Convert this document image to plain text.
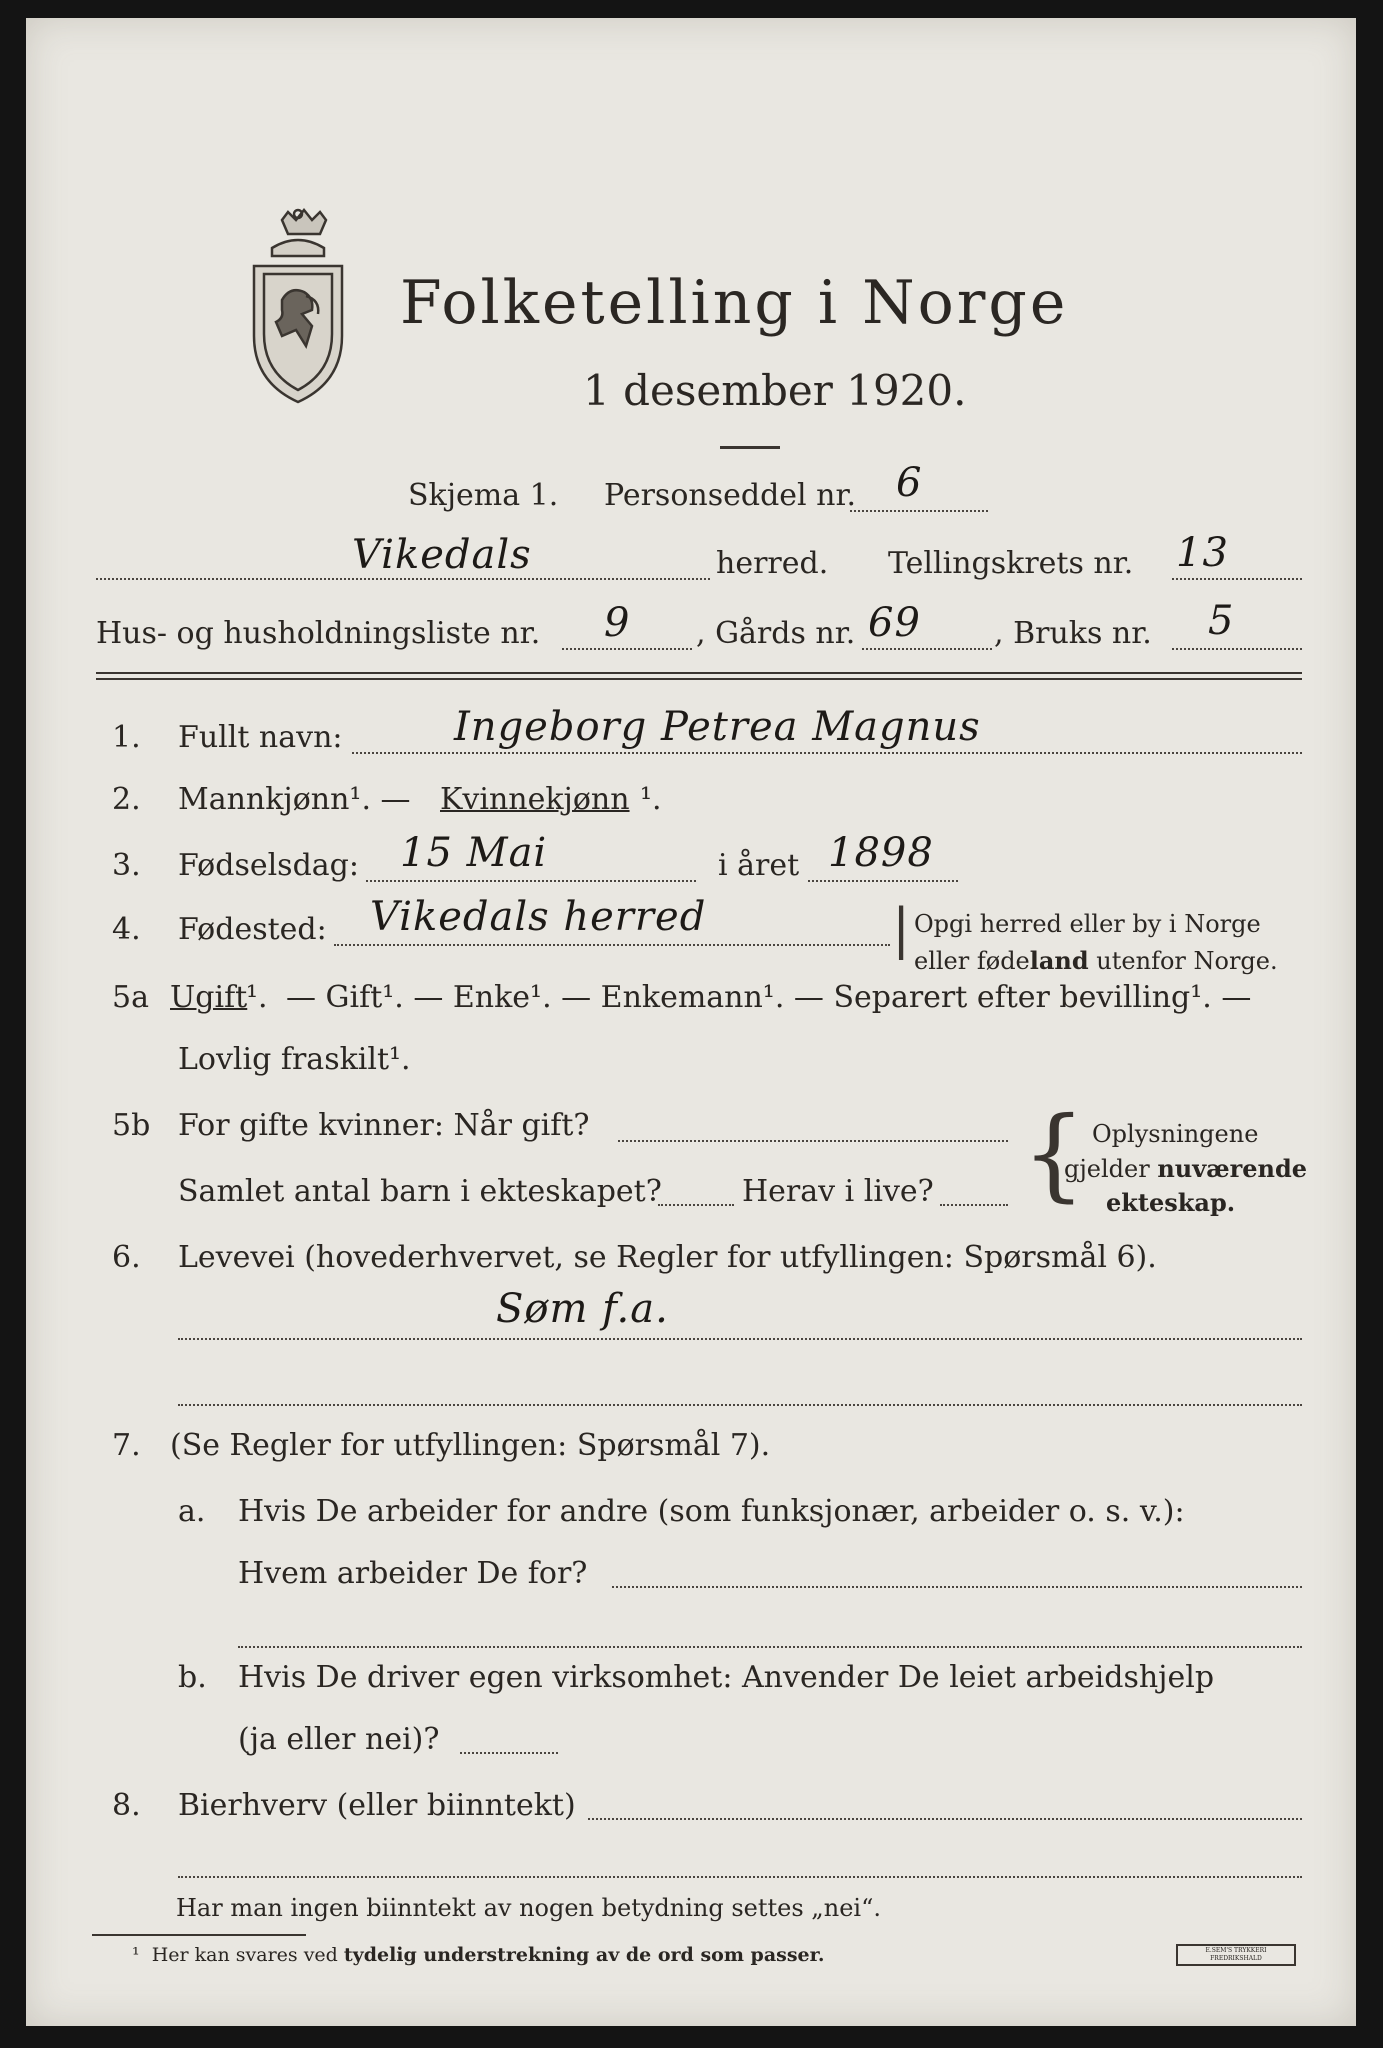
Folketelling i Norge
1 desember 1920.
Skjema 1. Personseddel nr. 6
Vikedals	herred. Tellingskrets nr. 13
Hus- og husholdningsliste nr. 9 , Gårds nr. 69 , Bruks nr. 5
1. Fullt navn:	Ingeborg Petrea Magnus
2. Mannkjønn¹. — Kvinnekjønn ¹.
3. Fødselsdag: 15 Mai	i året 1898
4. Fødested: Vikedals herred	| Opgi herred eller by i Norge
eller fødeland utenfor Norge.
5a Ugift
¹. — Gift¹. — Enke¹. — Enkemann¹. — Separert efter bevilling¹. —
Lovlig fraskilt¹.
5b For gifte kvinner: Når gift?
Samlet antal barn i ekteskapet?	Herav i live? { Oplysningene
gjelder nuværende
ekteskap.
6. Levevei (hovederhvervet, se Regler for utfyllingen: Spørsmål 6).
Søm f.a.
7. (Se Regler for utfyllingen: Spørsmål 7).
a. Hvis De arbeider for andre (som funksjonær, arbeider o. s. v.):
Hvem arbeider De for?
b. Hvis De driver egen virksomhet: Anvender De leiet arbeidshjelp
(ja eller nei)?
8. Bierhverv (eller biinntekt)
Har man ingen biinntekt av nogen betydning settes „nei“.
¹ Her kan svares ved tydelig understrekning av de ord som passer.	E.SEM'S TRYKKERI
FREDRIKSHALD
